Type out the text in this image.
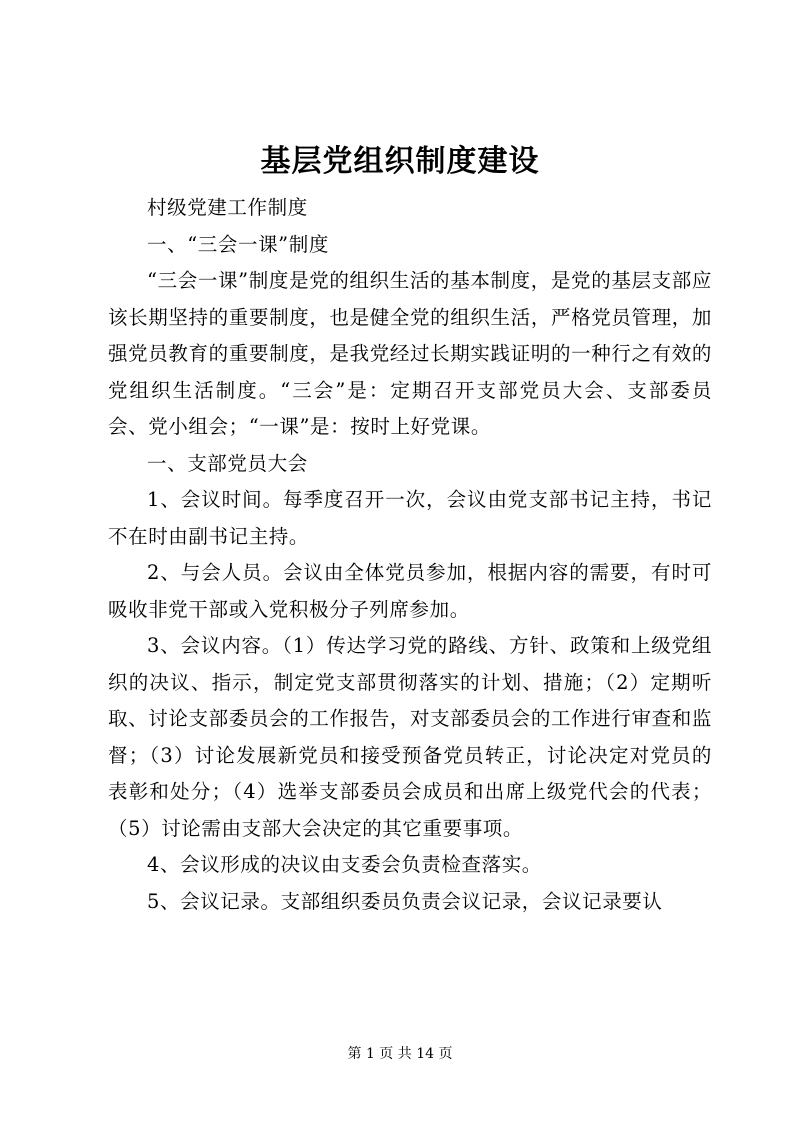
基层党组织制度建设

村级党建工作制度

一、“三会一课”制度

“三会一课”制度是党的组织生活的基本制度，是党的基层支部应该长期坚持的重要制度，也是健全党的组织生活，严格党员管理，加强党员教育的重要制度，是我党经过长期实践证明的一种行之有效的党组织生活制度。“三会”是：定期召开支部党员大会、支部委员会、党小组会；“一课”是：按时上好党课。

一、支部党员大会

1、会议时间。每季度召开一次，会议由党支部书记主持，书记不在时由副书记主持。

2、与会人员。会议由全体党员参加，根据内容的需要，有时可吸收非党干部或入党积极分子列席参加。

3、会议内容。（1）传达学习党的路线、方针、政策和上级党组织的决议、指示，制定党支部贯彻落实的计划、措施；（2）定期听取、讨论支部委员会的工作报告，对支部委员会的工作进行审查和监督；（3）讨论发展新党员和接受预备党员转正，讨论决定对党员的表彰和处分；（4）选举支部委员会成员和出席上级党代会的代表；（5）讨论需由支部大会决定的其它重要事项。

4、会议形成的决议由支委会负责检查落实。

5、会议记录。支部组织委员负责会议记录，会议记录要认

第 1 页 共 14 页
